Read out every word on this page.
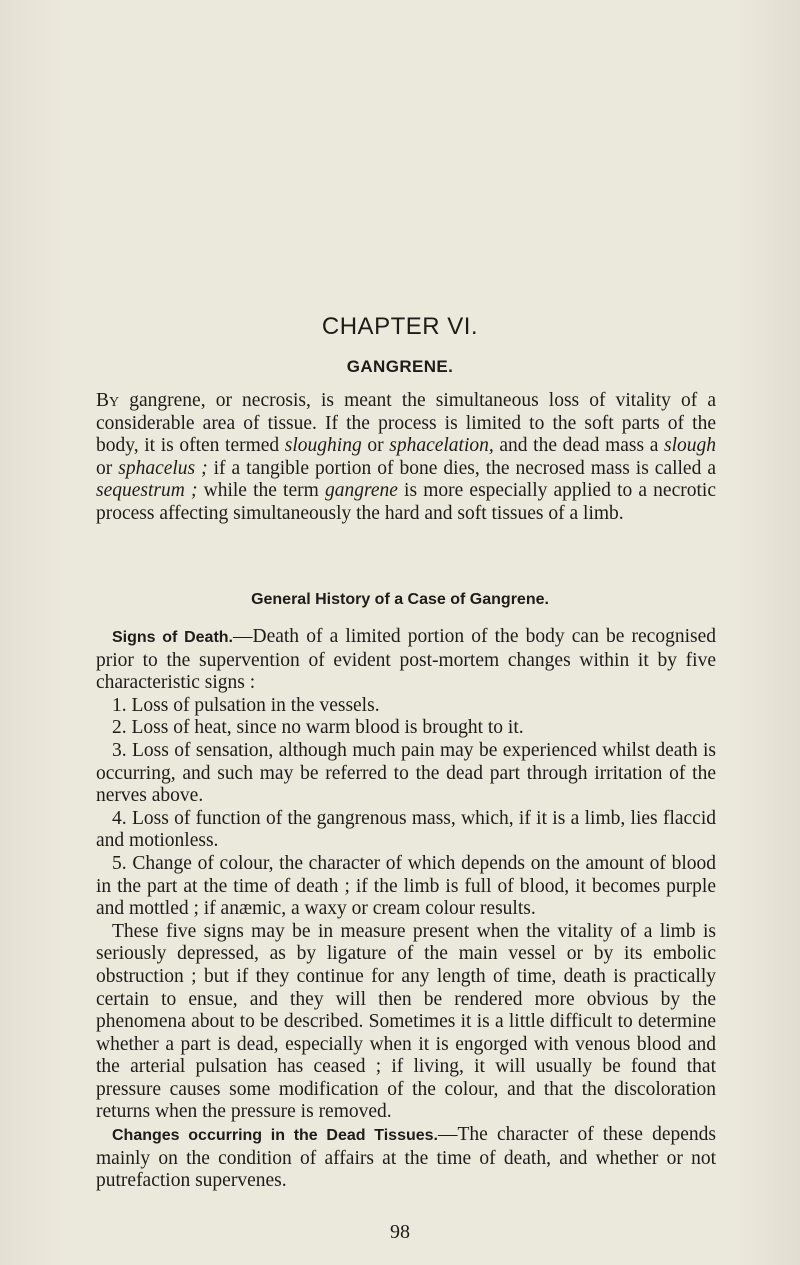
CHAPTER VI.
GANGRENE.
By gangrene, or necrosis, is meant the simultaneous loss of vitality of a considerable area of tissue. If the process is limited to the soft parts of the body, it is often termed sloughing or sphacelation, and the dead mass a slough or sphacelus ; if a tangible portion of bone dies, the necrosed mass is called a sequestrum ; while the term gangrene is more especially applied to a necrotic process affecting simultaneously the hard and soft tissues of a limb.
General History of a Case of Gangrene.

Signs of Death.—Death of a limited portion of the body can be recognised prior to the supervention of evident post-mortem changes within it by five characteristic signs :

1. Loss of pulsation in the vessels.

2. Loss of heat, since no warm blood is brought to it.

3. Loss of sensation, although much pain may be experienced whilst death is occurring, and such may be referred to the dead part through irritation of the nerves above.

4. Loss of function of the gangrenous mass, which, if it is a limb, lies flaccid and motionless.

5. Change of colour, the character of which depends on the amount of blood in the part at the time of death ; if the limb is full of blood, it becomes purple and mottled ; if anæmic, a waxy or cream colour results.

These five signs may be in measure present when the vitality of a limb is seriously depressed, as by ligature of the main vessel or by its embolic obstruction ; but if they continue for any length of time, death is practically certain to ensue, and they will then be rendered more obvious by the phenomena about to be described. Sometimes it is a little difficult to determine whether a part is dead, especially when it is engorged with venous blood and the arterial pulsation has ceased ; if living, it will usually be found that pressure causes some modification of the colour, and that the discoloration returns when the pressure is removed.

Changes occurring in the Dead Tissues.—The character of these depends mainly on the condition of affairs at the time of death, and whether or not putrefaction supervenes.

98
